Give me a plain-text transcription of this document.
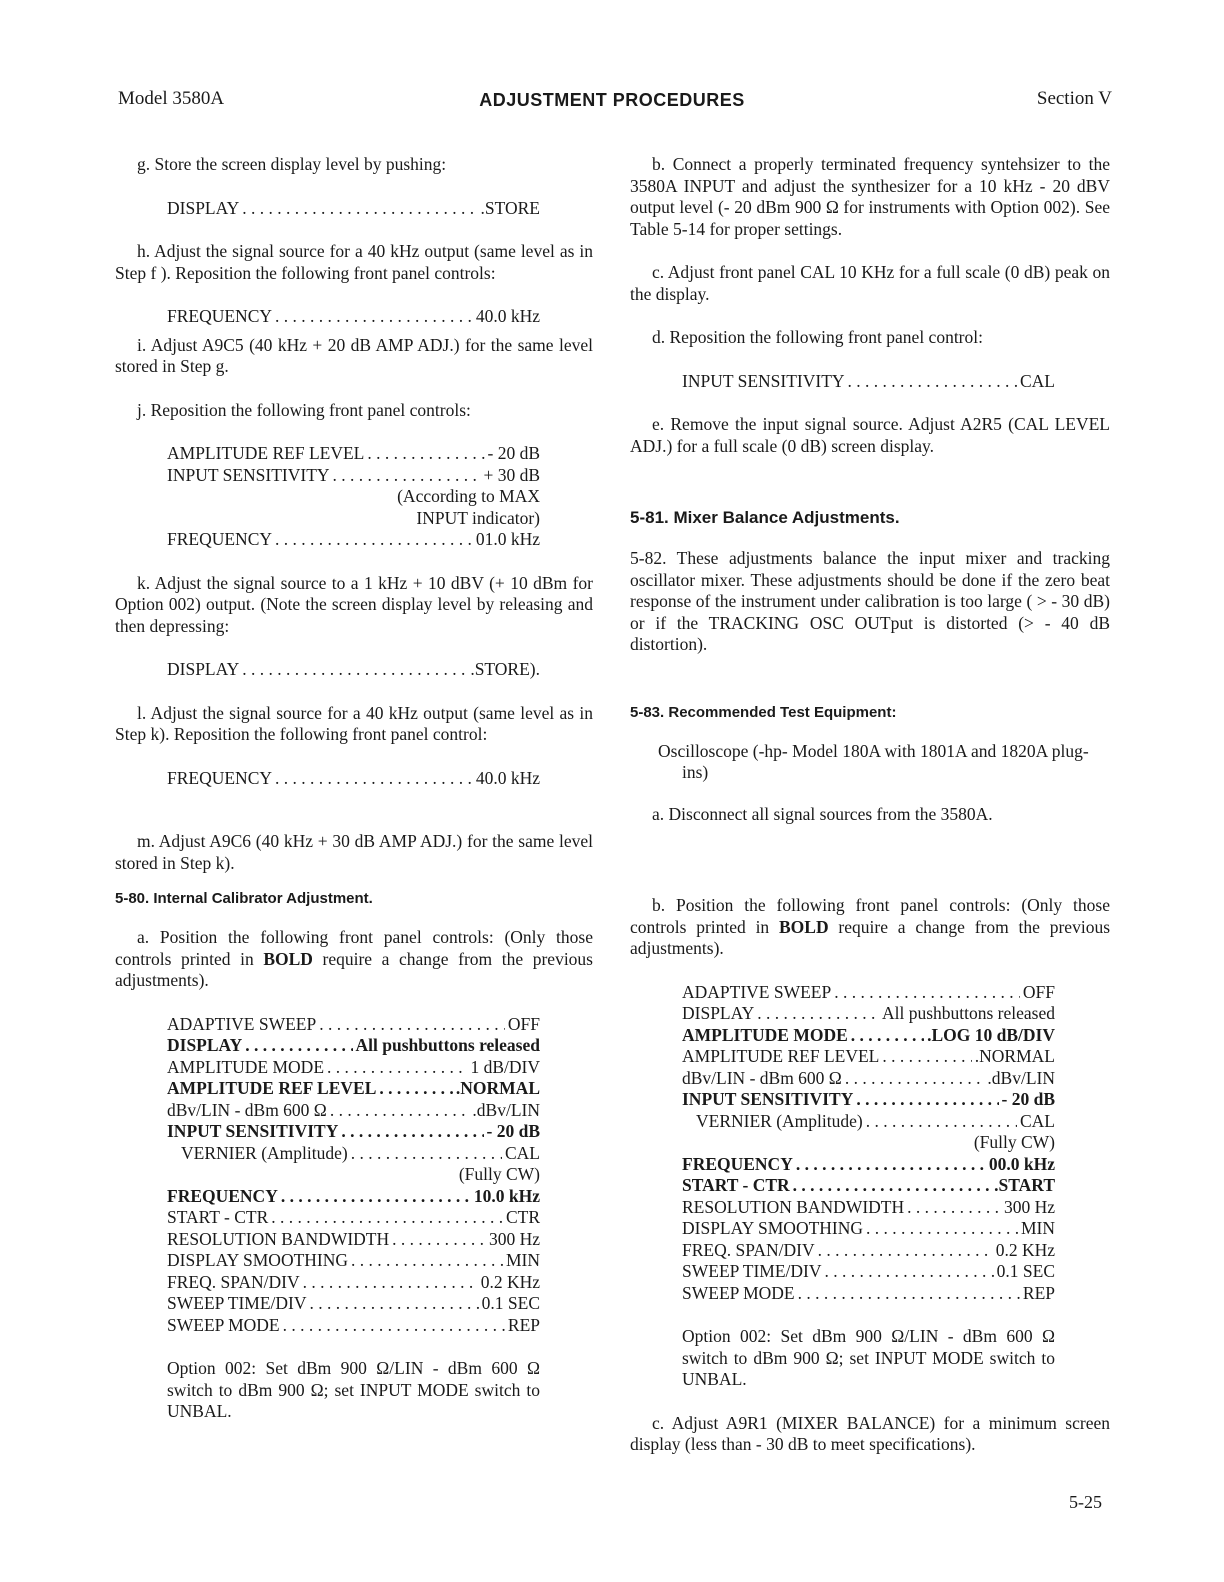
Model 3580A	ADJUSTMENT PROCEDURES	Section V

g. Store the screen display level by pushing:

DISPLAY . . .	.STORE

h. Adjust the signal source for a 40 kHz output (same level as in Step f ). Reposition the following front panel controls:

FREQUENCY . . .	40.0 kHz

i. Adjust A9C5 (40 kHz + 20 dB AMP ADJ.) for the same level stored in Step g.

j. Reposition the following front panel controls:

AMPLITUDE REF LEVEL . . .	- 20 dB
INPUT SENSITIVITY . . .	+ 30 dB
(According to MAX
INPUT indicator)
FREQUENCY . . .	01.0 kHz

k. Adjust the signal source to a 1 kHz + 10 dBV (+ 10 dBm for Option 002) output. (Note the screen display level by releasing and then depressing:

DISPLAY . . .	.STORE).

l. Adjust the signal source for a 40 kHz output (same level as in Step k). Reposition the following front panel control:

FREQUENCY . . .	40.0 kHz

m. Adjust A9C6 (40 kHz + 30 dB AMP ADJ.) for the same level stored in Step k).

5-80. Internal Calibrator Adjustment.

a. Position the following front panel controls: (Only those controls printed in BOLD require a change from the previous adjustments).

ADAPTIVE SWEEP . . .	OFF
DISPLAY . . .	All pushbuttons released
AMPLITUDE MODE . . .	1 dB/DIV
AMPLITUDE REF LEVEL . . .	.NORMAL
dBv/LIN - dBm 600 Ω . . .	.dBv/LIN
INPUT SENSITIVITY . . .	- 20 dB
VERNIER (Amplitude) . . .	CAL
(Fully CW)
FREQUENCY . . .	10.0 kHz
START - CTR . . .	CTR
RESOLUTION BANDWIDTH . . .	300 Hz
DISPLAY SMOOTHING . . .	MIN
FREQ. SPAN/DIV . . .	0.2 KHz
SWEEP TIME/DIV . . .	0.1 SEC
SWEEP MODE . . .	REP

Option 002: Set dBm 900 Ω/LIN - dBm 600 Ω switch to dBm 900 Ω; set INPUT MODE switch to UNBAL.

b. Connect a properly terminated frequency syntehsizer to the 3580A INPUT and adjust the synthesizer for a 10 kHz - 20 dBV output level (- 20 dBm 900 Ω for instruments with Option 002). See Table 5-14 for proper settings.

c. Adjust front panel CAL 10 KHz for a full scale (0 dB) peak on the display.

d. Reposition the following front panel control:

INPUT SENSITIVITY . . .	CAL

e. Remove the input signal source. Adjust A2R5 (CAL LEVEL ADJ.) for a full scale (0 dB) screen display.

5-81. Mixer Balance Adjustments.

5-82. These adjustments balance the input mixer and tracking oscillator mixer. These adjustments should be done if the zero beat response of the instrument under calibration is too large ( > - 30 dB) or if the TRACKING OSC OUTput is distorted (> - 40 dB distortion).

5-83. Recommended Test Equipment:

Oscilloscope (-hp- Model 180A with 1801A and 1820A plug-ins)

a. Disconnect all signal sources from the 3580A.

b. Position the following front panel controls: (Only those controls printed in BOLD require a change from the previous adjustments).

ADAPTIVE SWEEP . . .	OFF
DISPLAY . . .	All pushbuttons released
AMPLITUDE MODE . . .	.LOG 10 dB/DIV
AMPLITUDE REF LEVEL . . .	.NORMAL
dBv/LIN - dBm 600 Ω . . .	.dBv/LIN
INPUT SENSITIVITY . . .	- 20 dB
VERNIER (Amplitude) . . .	CAL
(Fully CW)
FREQUENCY . . .	00.0 kHz
START - CTR . . .	.START
RESOLUTION BANDWIDTH . . .	300 Hz
DISPLAY SMOOTHING . . .	MIN
FREQ. SPAN/DIV . . .	0.2 KHz
SWEEP TIME/DIV . . .	0.1 SEC
SWEEP MODE . . .	REP

Option 002: Set dBm 900 Ω/LIN - dBm 600 Ω switch to dBm 900 Ω; set INPUT MODE switch to UNBAL.

c. Adjust A9R1 (MIXER BALANCE) for a minimum screen display (less than - 30 dB to meet specifications).

5-25
